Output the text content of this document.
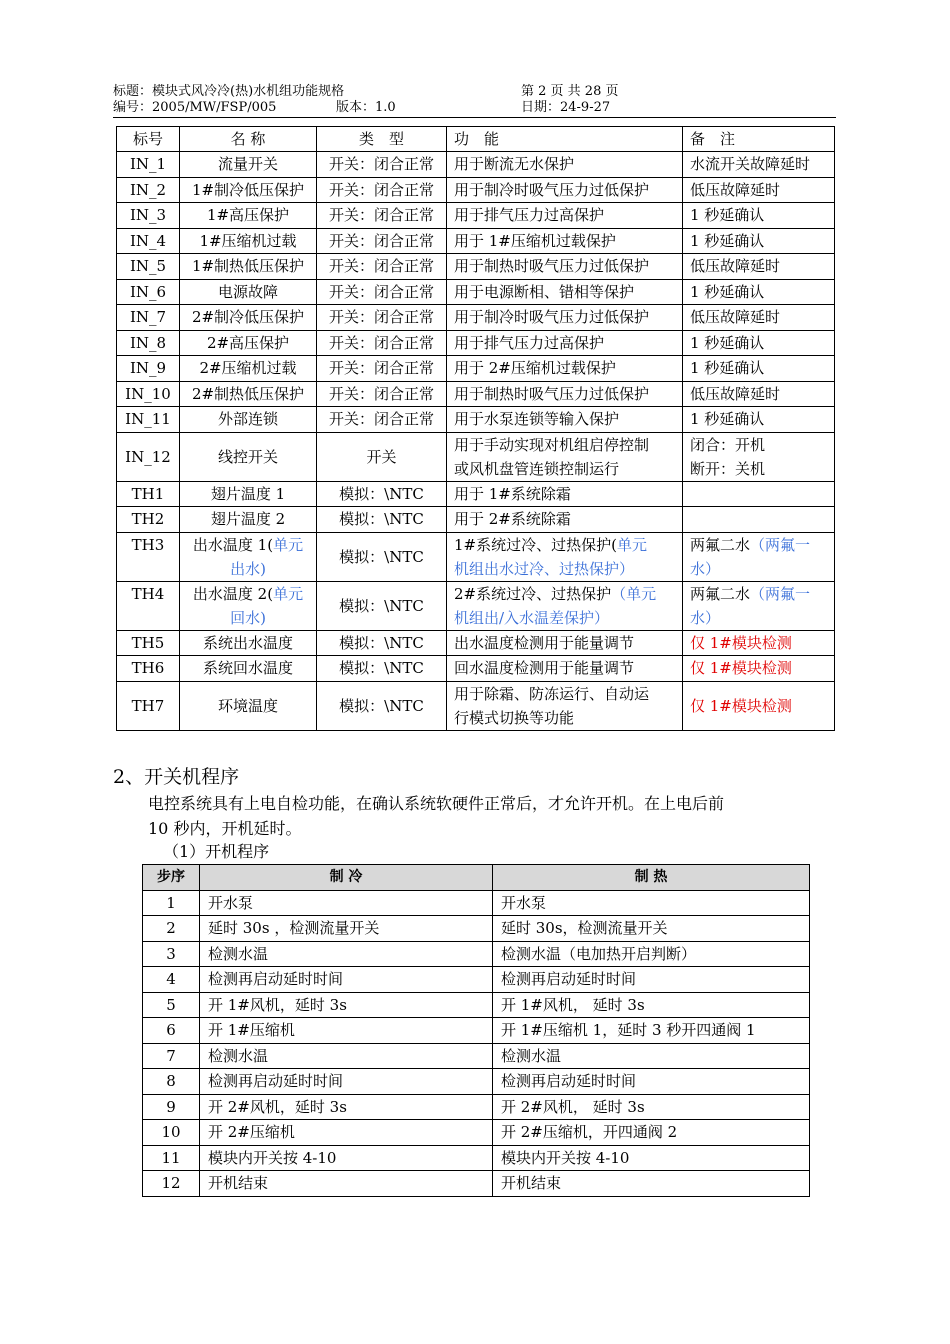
标题：模块式风冷冷(热)水机组功能规格	第 2 页 共 28 页
编号：2005/MW/FSP/005	版本：1.0	日期：24-9-27
标号	名 称	类　型	功　能	备　注
IN_1	流量开关	开关：闭合正常	用于断流无水保护	水流开关故障延时
IN_2	1#制冷低压保护	开关：闭合正常	用于制冷时吸气压力过低保护	低压故障延时
IN_3	1#高压保护	开关：闭合正常	用于排气压力过高保护	1 秒延确认
IN_4	1#压缩机过载	开关：闭合正常	用于 1#压缩机过载保护	1 秒延确认
IN_5	1#制热低压保护	开关：闭合正常	用于制热时吸气压力过低保护	低压故障延时
IN_6	电源故障	开关：闭合正常	用于电源断相、错相等保护	1 秒延确认
IN_7	2#制冷低压保护	开关：闭合正常	用于制冷时吸气压力过低保护	低压故障延时
IN_8	2#高压保护	开关：闭合正常	用于排气压力过高保护	1 秒延确认
IN_9	2#压缩机过载	开关：闭合正常	用于 2#压缩机过载保护	1 秒延确认
IN_10	2#制热低压保护	开关：闭合正常	用于制热时吸气压力过低保护	低压故障延时
IN_11	外部连锁	开关：闭合正常	用于水泵连锁等输入保护	1 秒延确认
IN_12	线控开关	开关	用于手动实现对机组启停控制
或风机盘管连锁控制运行	闭合：开机
断开：关机
TH1	翅片温度 1	模拟：\NTC	用于 1#系统除霜	
TH2	翅片温度 2	模拟：\NTC	用于 2#系统除霜	
TH3	出水温度 1(单元
出水)	模拟：\NTC	1#系统过冷、过热保护(单元
机组出水过冷、过热保护）	两氟二水（两氟一
水）
TH4	出水温度 2(单元
回水)	模拟：\NTC	2#系统过冷、过热保护（单元
机组出/入水温差保护）	两氟二水（两氟一
水）
TH5	系统出水温度	模拟：\NTC	出水温度检测用于能量调节	仅 1#模块检测
TH6	系统回水温度	模拟：\NTC	回水温度检测用于能量调节	仅 1#模块检测
TH7	环境温度	模拟：\NTC	用于除霜、防冻运行、自动运
行模式切换等功能	仅 1#模块检测
2、开关机程序
电控系统具有上电自检功能，在确认系统软硬件正常后，才允许开机。在上电后前
10 秒内，开机延时。
（1）开机程序
步序	制 冷	制 热
1	开水泵	开水泵
2	延时 30s ，检测流量开关	延时 30s，检测流量开关
3	检测水温	检测水温（电加热开启判断）
4	检测再启动延时时间	检测再启动延时时间
5	开 1#风机，延时 3s	开 1#风机， 延时 3s
6	开 1#压缩机	开 1#压缩机 1，延时 3 秒开四通阀 1
7	检测水温	检测水温
8	检测再启动延时时间	检测再启动延时时间
9	开 2#风机，延时 3s	开 2#风机， 延时 3s
10	开 2#压缩机	开 2#压缩机，开四通阀 2
11	模块内开关按 4-10	模块内开关按 4-10
12	开机结束	开机结束
